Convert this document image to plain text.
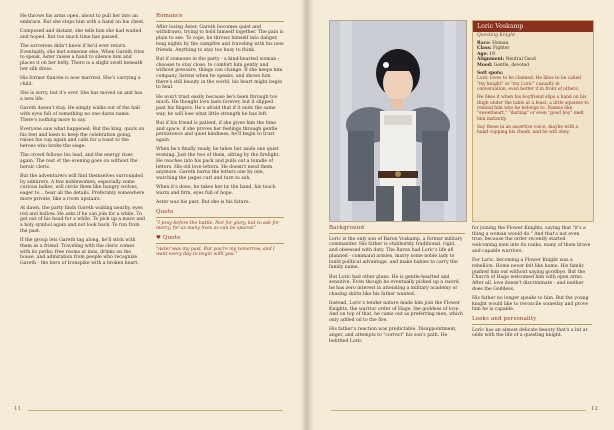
He throws his arms open, about to pull her into an embrace. But she stops him with a hand on his chest.

Composed and distant, she tells him she had waited and hoped. But too much time has passed.

The sorceress didn't know if he'd ever return. Eventually, she met someone else. When Gareth tries to speak, Aster raises a hand to silence him and places it on her belly. There is a slight swell beneath her silk dress.

His former fiancée is now married. She's carrying a child.

She is sorry, but it's over. She has moved on and has a new life.

Gareth doesn't stay. He simply walks out of the hall with eyes full of something no one dares name. There's nothing more to say.

Everyone saw what happened. But the king, quick on his feet and keen to keep the celebration going, raises his cup again and calls for a toast to the heroes who broke the siege.

The crowd follows his lead, and the energy rises again. The rest of the evening goes on without the heroic cleric.

But the adventurers will find themselves surrounded by admirers. A few noblewomen, especially some curious ladies, will circle them like hungry wolves, eager to... hear all the details. Preferably somewhere more private, like a room upstairs.

At dawn, the party finds Gareth waiting nearby, eyes red and hollow. He asks if he can join for a while. To get out of his head for a while. To pick up a mace and a holy symbol again and not look back. To run from the past.

If the group lets Gareth tag along, he'll stick with them as a friend. Traveling with the cleric comes with its perks: free rooms at inns, drinks on the house, and admiration from people who recognize Gareth - the hero of Ironspike with a broken heart.

Romance

After losing Aster, Gareth becomes quiet and withdrawn, trying to hold himself together. The pain is plain to see. To cope, he throws himself into danger, long nights by the campfire and traveling with his new friends. Anything to stay too busy to think.

But if someone in the party - a kind-hearted woman - chooses to stay close, to comfort him gently and without pressure, things can change. If she keeps him company, listens when he speaks, and shows him there's still beauty in the world, his heart might begin to heal.

He won't trust easily because he's been through too much. He thought love lasts forever, but it slipped past his fingers. He's afraid that if it ends the same way, he will lose what little strength he has left.

But if his friend is patient, if she gives him the time and space, if she proves her feelings through gentle persistence and quiet kindness, he'll begin to trust again.

When he's finally ready, he takes her aside one quiet evening. Just the two of them, sitting by the firelight. He reaches into his pack and pulls out a bundle of letters. His old love letters. He doesn't need them anymore. Gareth burns the letters one by one, watching the pages curl and turn to ash.

When it's done, he takes her by the hand, his touch warm and firm, eyes full of hope.

Aster was his past. But she is his future.

Quote

"I pray before the battle. Not for glory, but to ask for mercy, for as many lives as can be spared."

♥ Quote

"Aster was my past. But you're my tomorrow, and I want every day to begin with you."

Loric Voskamp
Questing Knight
Race: Human
Class: Fighter
Age: 19
Alignment: Neutral Good
Mood: Gentle, devoted
Soft spots:

Loric loves to be claimed. He likes to be called "my knight" or "my Loric" casually in conversation, even better if in front of others.

He likes it when his boyfriend slips a hand on his thigh under the table at a feast, a little squeeze to remind him who he belongs to. Names like "sweetheart," "darling" or even "good boy" melt him instantly.

Say these in an assertive voice, maybe with a hand cupping his cheek, and he will obey.

Background

Loric is the only son of Baron Voskamp, a former military commander. His father is stubbornly traditional, rigid, and obsessed with duty. The Baron had Loric's life all planned - command armies, marry some noble lady to build political advantage, and make babies to carry the family name.

But Loric had other plans. He is gentle-hearted and sensitive. Even though he eventually picked up a sword, he has zero interest in attending a military academy or chasing skirts like his father wanted.

Instead, Loric's tender nature made him join the Flower Knights, the warrior order of Hage, the goddess of love. And on top of that, he came out as preferring men, which only added oil to the fire.

His father's reaction was predictable. Disappointment, anger, and attempts to "correct" his son's path. He belittled Loric

for joining the Flower Knights, saying that "it's a thing a woman would do." And that's not even true, because the order recently started welcoming men into its ranks, many of them brave and capable warriors.

For Loric, becoming a Flower Knight was a rebellion. Home never felt like home. His family pushed him out without saying goodbye. But the Church of Hage welcomed him with open arms. After all, love doesn't discriminate - and neither does the Goddess.

His father no longer speaks to him. But the young knight would like to reconcile someday and prove him he is capable.

Looks and personality

Loric has an almost delicate beauty that's a bit at odds with the life of a questing knight.

11	12
